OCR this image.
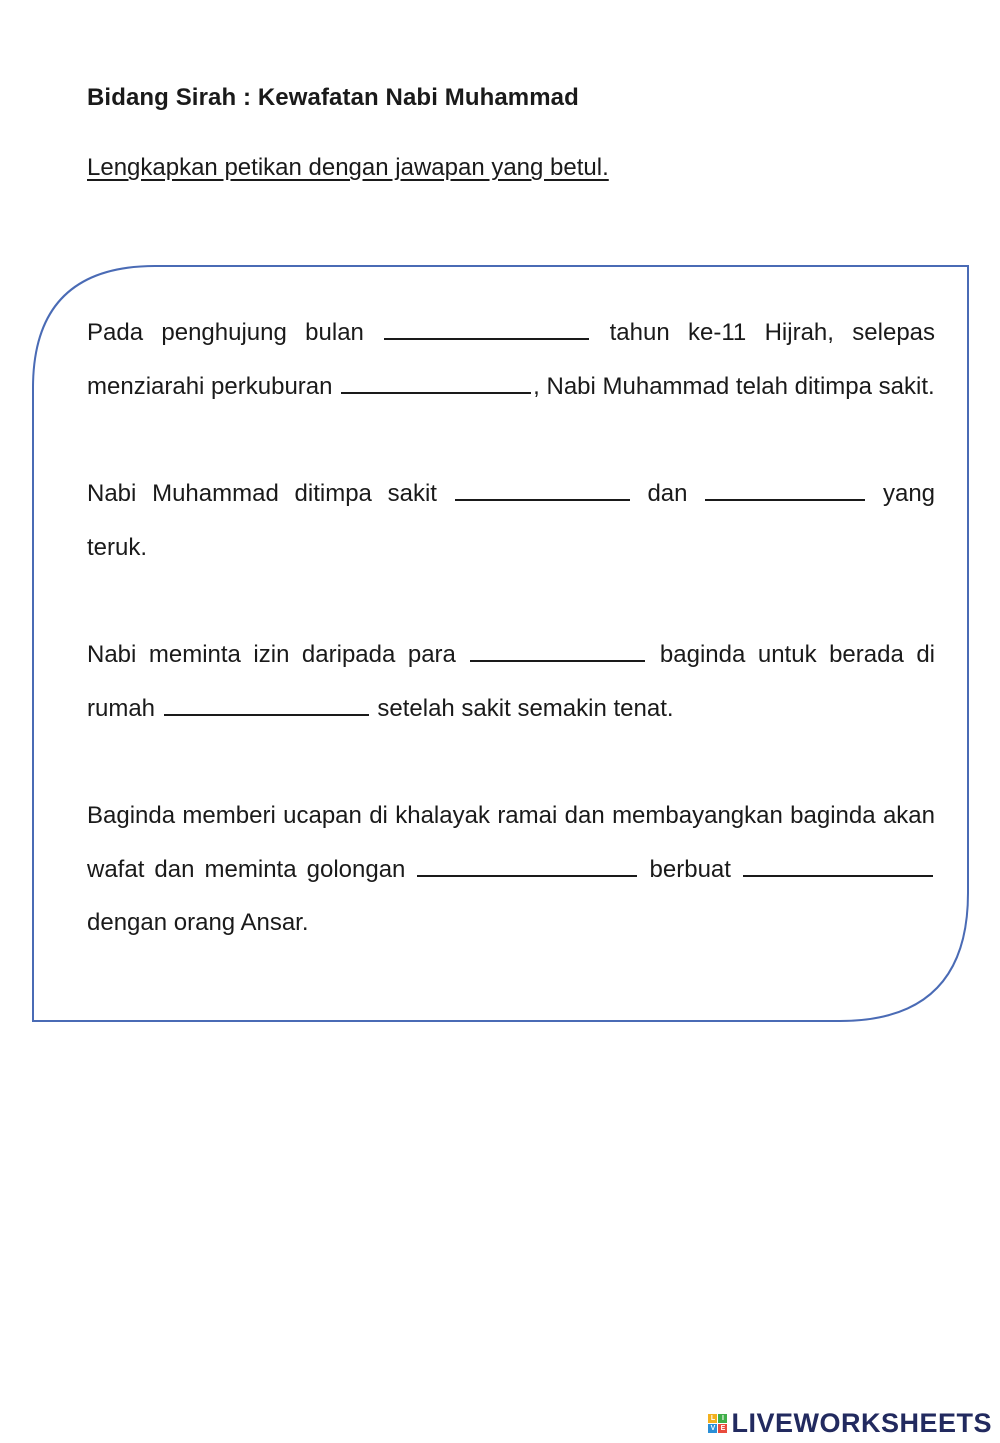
Bidang Sirah : Kewafatan Nabi Muhammad

Lengkapkan petikan dengan jawapan yang betul.

Pada penghujung bulan	tahun ke-11 Hijrah, selepas menziarahi perkuburan	, Nabi Muhammad telah ditimpa sakit.

Nabi Muhammad ditimpa sakit	dan	yang teruk.

Nabi meminta izin daripada para	baginda untuk berada di rumah	setelah sakit semakin tenat.

Baginda memberi ucapan di khalayak ramai dan membayangkan baginda akan wafat dan meminta golongan	berbuat  dengan orang Ansar.

L I
V E LIVEWORKSHEETS
